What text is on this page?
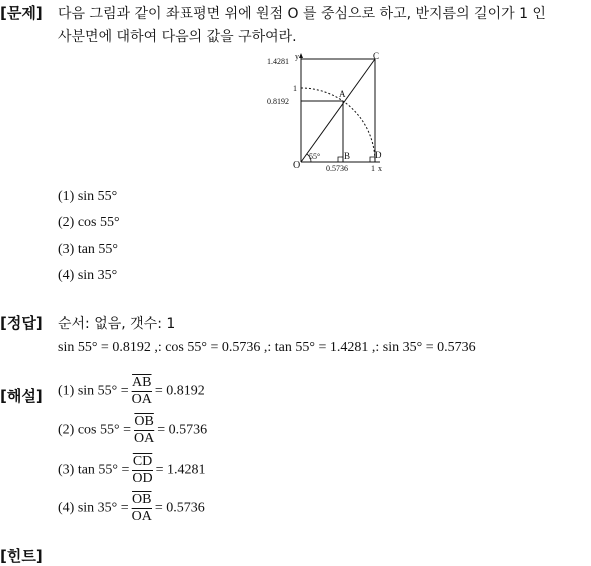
[문제] 다음 그림과 같이 좌표평면 위에 원점 O 를 중심으로 하고, 반지름의 길이가 1 인
사분면에 대하여 다음의 값을 구하여라.
y
1.4281
1
0.8192
O
55°
A
B
C
D
0.5736	1 x
(1) sin 55°
(2) cos 55°
(3) tan 55°
(4) sin 35°
[정답] 순서: 없음, 갯수: 1
sin 55° = 0.8192 ,: cos 55° = 0.5736 ,: tan 55° = 1.4281 ,: sin 35° = 0.5736
[해설] (1) $\sin 55^\circ = \frac{\overline{AB}}{OA} = 0.8192$
(2) $\cos 55^\circ = \frac{\overline{OB}}{OA} = 0.5736$
(3) $\tan 55^\circ = \frac{\overline{CD}}{OD} = 1.4281$
(4) $\sin 35^\circ = \frac{\overline{OB}}{OA} = 0.5736$
[힌트]
